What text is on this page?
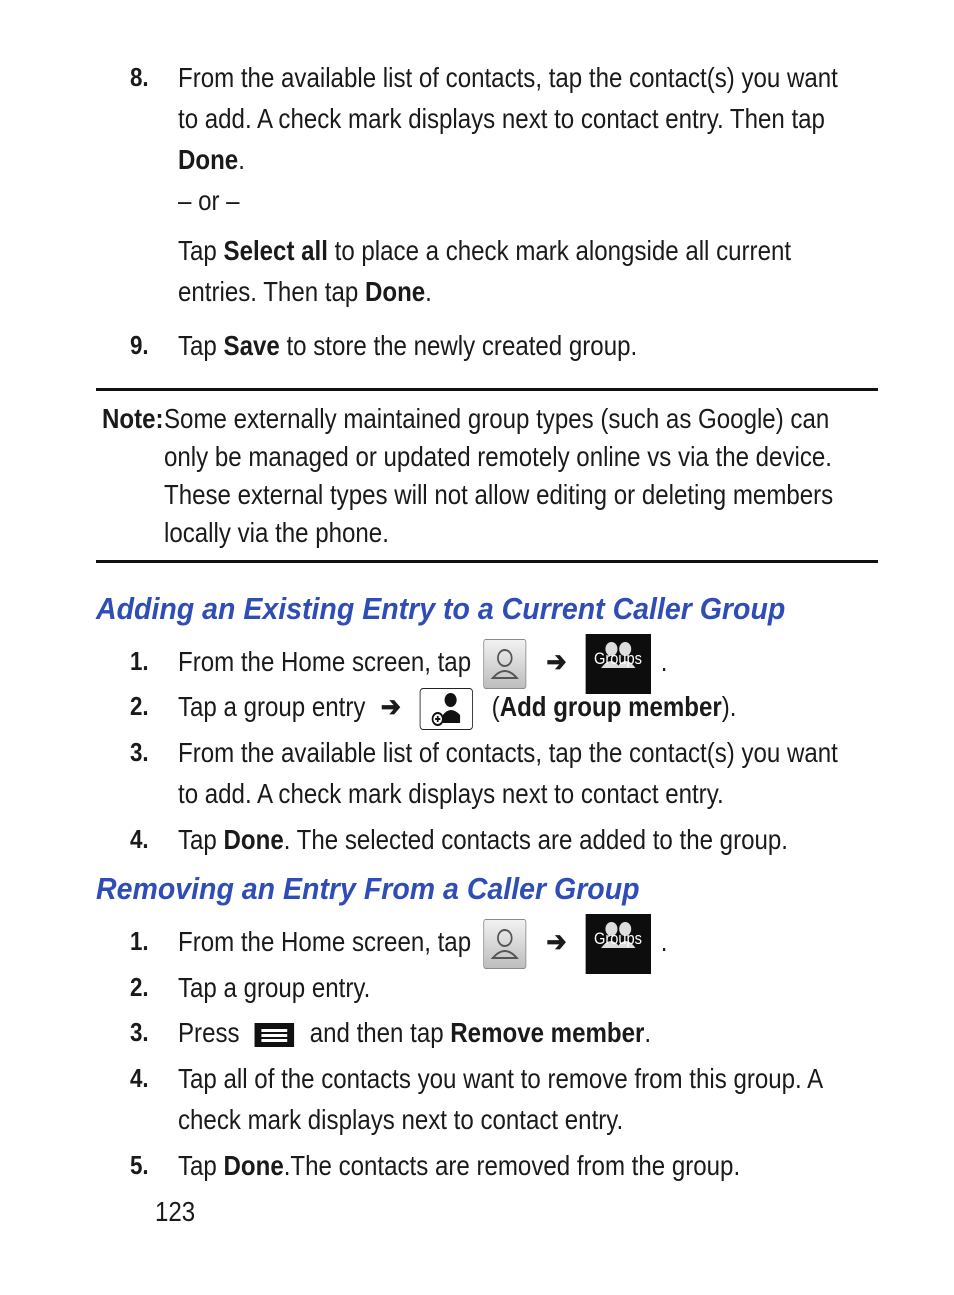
8. From the available list of contacts, tap the contact(s) you want
to add. A check mark displays next to contact entry. Then tap
Done.
– or –
Tap Select all to place a check mark alongside all current
entries. Then tap Done.
9. Tap Save to store the newly created group.
Note: Some externally maintained group types (such as Google) can
only be managed or updated remotely online vs via the device.
These external types will not allow editing or deleting members
locally via the phone.
Adding an Existing Entry to a Current Caller Group
1. From the Home screen, tap	➔	Groups .
2. Tap a group entry ➔	(Add group member).
3. From the available list of contacts, tap the contact(s) you want
to add. A check mark displays next to contact entry.
4. Tap Done. The selected contacts are added to the group.
Removing an Entry From a Caller Group
1. From the Home screen, tap	➔	Groups .
2. Tap a group entry.
3. Press	and then tap Remove member.
4. Tap all of the contacts you want to remove from this group. A
check mark displays next to contact entry.
5. Tap Done.The contacts are removed from the group.
123
